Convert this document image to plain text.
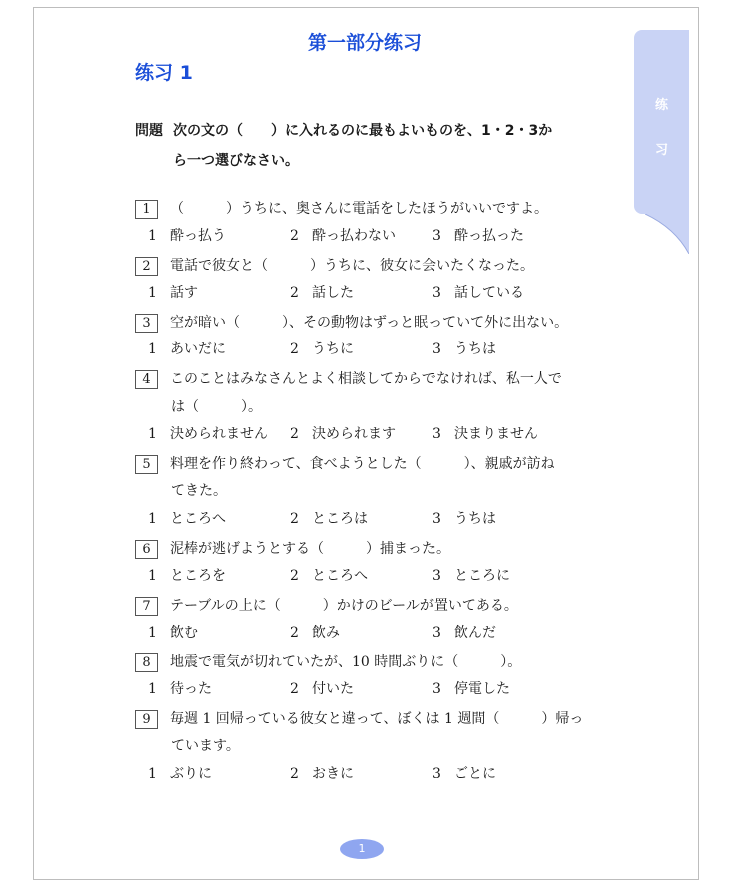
第一部分练习
练习 1
练
习
問題 次の文の（　　）に入れるのに最もよいものを、1・2・3か
ら一つ選びなさい。
1 （　　　）うちに、奥さんに電話をしたほうがいいですよ。
1 酔っ払う	2 酔っ払わない	3 酔っ払った
2 電話で彼女と（　　　）うちに、彼女に会いたくなった。
1 話す	2 話した	3 話している
3 空が暗い（　　　）、その動物はずっと眠っていて外に出ない。
1 あいだに	2 うちに	3 うちは
4 このことはみなさんとよく相談してからでなければ、私一人で
は（　　　）。
1 決められません 2 決められます	3 決まりません
5 料理を作り終わって、食べようとした（　　　）、親戚が訪ね
てきた。
1 ところへ	2 ところは	3 うちは
6 泥棒が逃げようとする（　　　）捕まった。
1 ところを	2 ところへ	3 ところに
7 テーブルの上に（　　　）かけのビールが置いてある。
1 飲む	2 飲み	3 飲んだ
8 地震で電気が切れていたが、10 時間ぶりに（　　　）。
1 待った	2 付いた	3 停電した
9 毎週 1 回帰っている彼女と違って、ぼくは 1 週間（　　　）帰っ
ています。
1 ぶりに	2 おきに	3 ごとに
1
